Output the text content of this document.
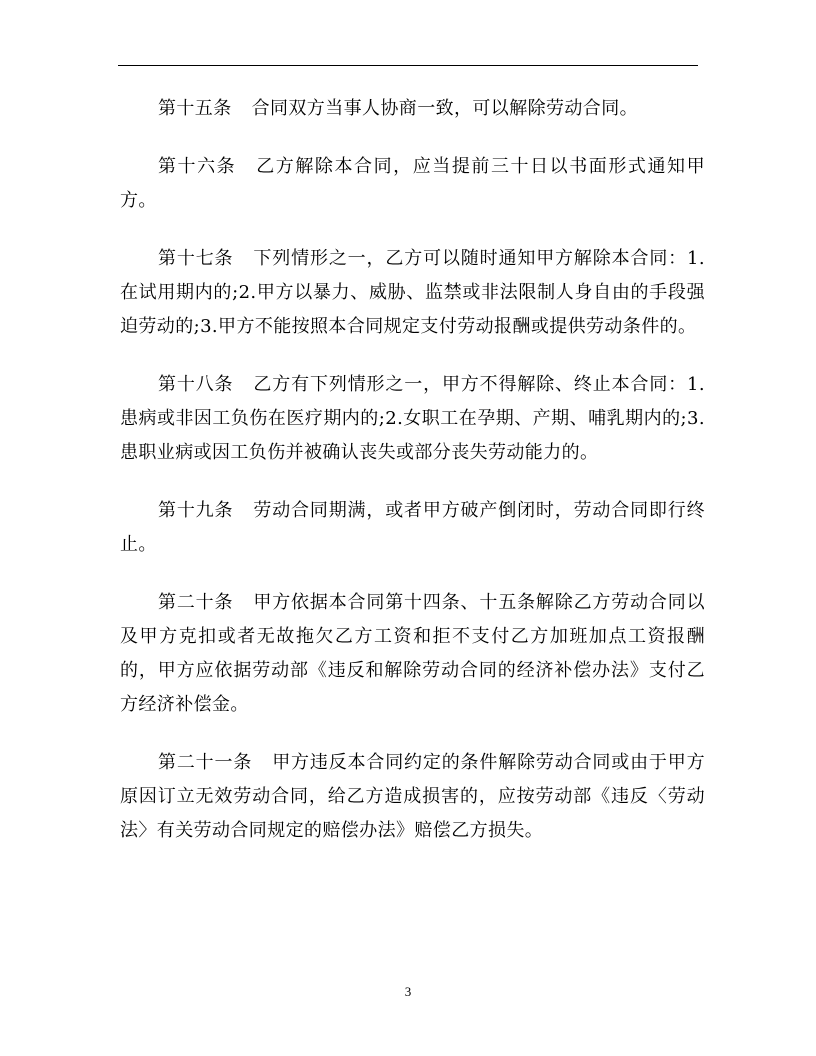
第十五条 合同双方当事人协商一致，可以解除劳动合同。

第十六条 乙方解除本合同，应当提前三十日以书面形式通知甲方。

第十七条 下列情形之一，乙方可以随时通知甲方解除本合同：1.在试用期内的;2.甲方以暴力、威胁、监禁或非法限制人身自由的手段强迫劳动的;3.甲方不能按照本合同规定支付劳动报酬或提供劳动条件的。

第十八条 乙方有下列情形之一，甲方不得解除、终止本合同：1.患病或非因工负伤在医疗期内的;2.女职工在孕期、产期、哺乳期内的;3.患职业病或因工负伤并被确认丧失或部分丧失劳动能力的。

第十九条 劳动合同期满，或者甲方破产倒闭时，劳动合同即行终止。

第二十条 甲方依据本合同第十四条、十五条解除乙方劳动合同以及甲方克扣或者无故拖欠乙方工资和拒不支付乙方加班加点工资报酬的，甲方应依据劳动部《违反和解除劳动合同的经济补偿办法》支付乙方经济补偿金。

第二十一条 甲方违反本合同约定的条件解除劳动合同或由于甲方原因订立无效劳动合同，给乙方造成损害的，应按劳动部《违反〈劳动法〉有关劳动合同规定的赔偿办法》赔偿乙方损失。

3
